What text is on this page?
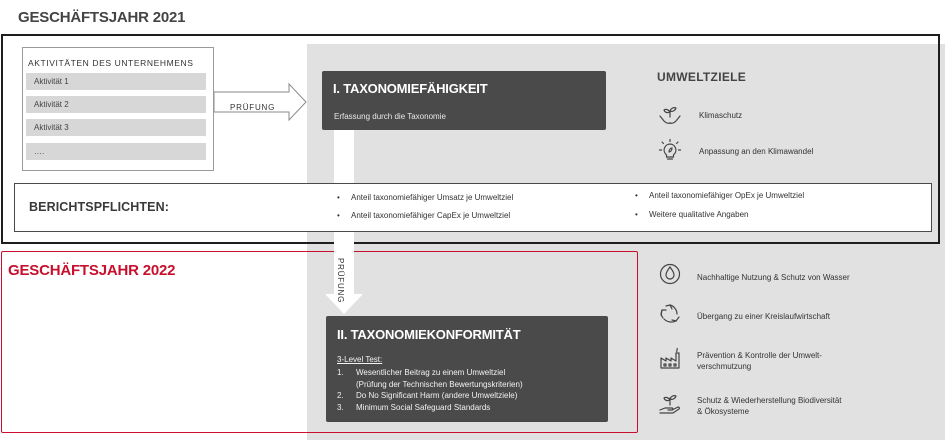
GESCHÄFTSJAHR 2021
GESCHÄFTSJAHR 2022
PRÜFUNG
PRÜFUNG
AKTIVITÄTEN DES UNTERNEHMENS
Aktivität 1
Aktivität 2
Aktivität 3
….
I. TAXONOMIEFÄHIGKEIT
Erfassung durch die Taxonomie
BERICHTSPFLICHTEN:
•	Anteil taxonomiefähiger Umsatz je Umweltziel
•	Anteil taxonomiefähiger CapEx je Umweltziel
•	Anteil taxonomiefähiger OpEx je Umweltziel
•	Weitere qualitative Angaben
II. TAXONOMIEKONFORMITÄT
3-Level Test:
1.	Wesentlicher Beitrag zu einem Umweltziel
(Prüfung der Technischen Bewertungskriterien)
2.	Do No Significant Harm (andere Umweltziele)
3.	Minimum Social Safeguard Standards
UMWELTZIELE
Klimaschutz
Anpassung an den Klimawandel
Nachhaltige Nutzung & Schutz von Wasser
Übergang zu einer Kreislaufwirtschaft
Prävention & Kontrolle der Umwelt-
verschmutzung
Schutz & Wiederherstellung Biodiversität
& Ökosysteme
